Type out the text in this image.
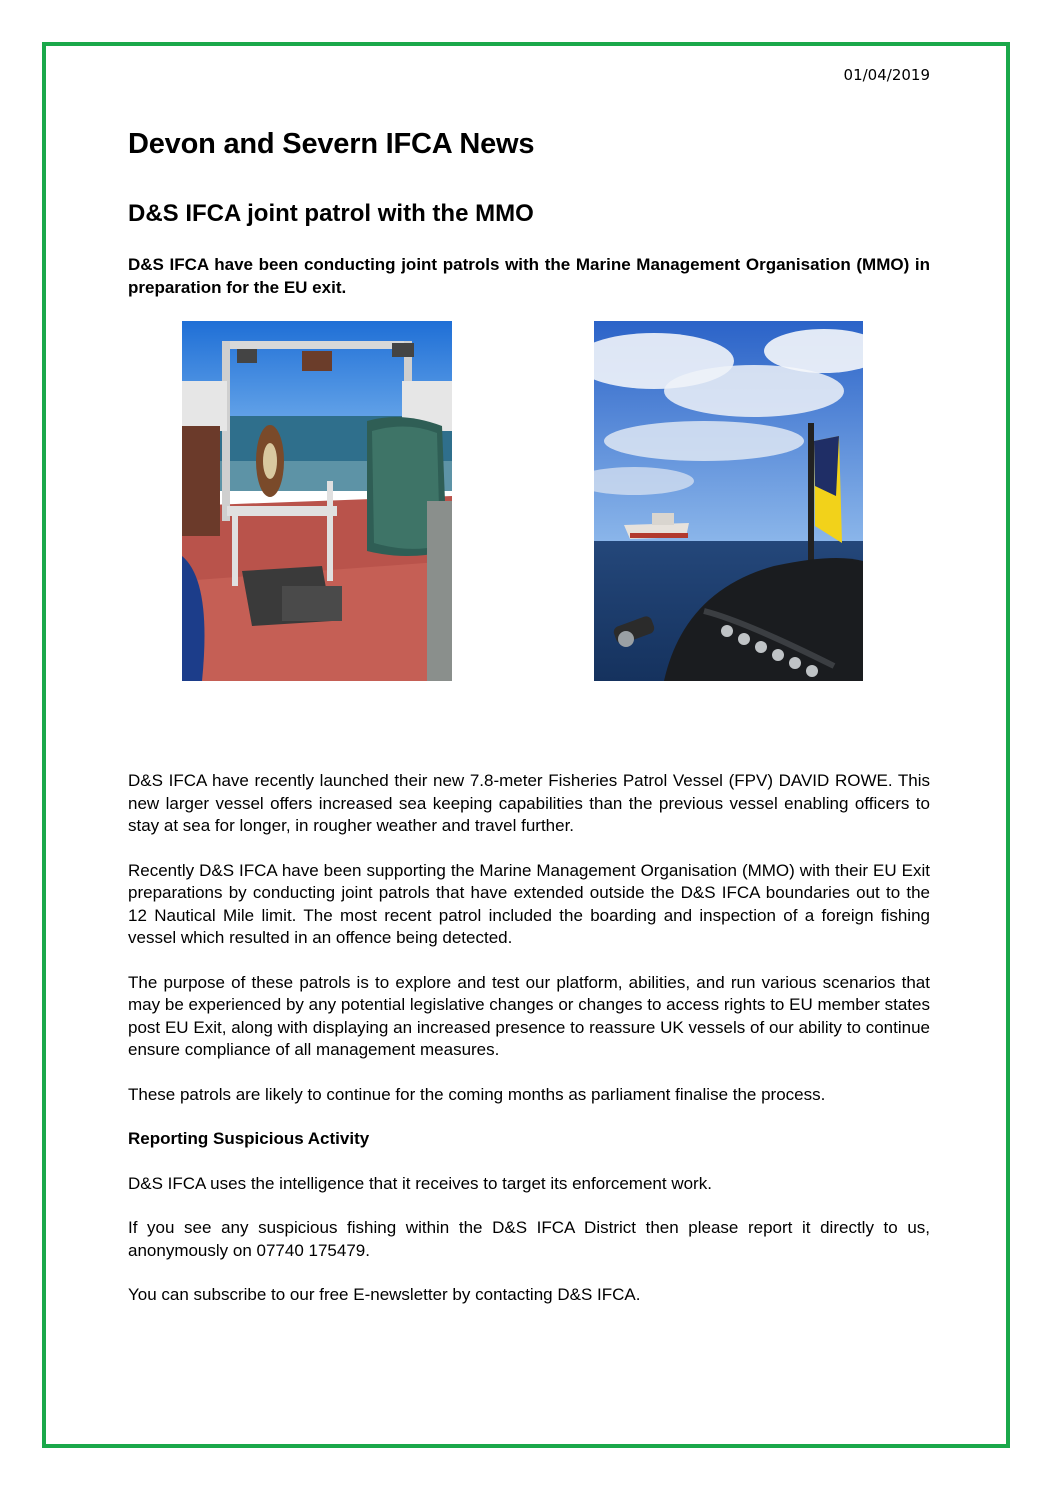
01/04/2019
Devon and Severn IFCA News
D&S IFCA joint patrol with the MMO

D&S IFCA have been conducting joint patrols with the Marine Management Organisation (MMO) in preparation for the EU exit.

D&S IFCA have recently launched their new 7.8-meter Fisheries Patrol Vessel (FPV) DAVID ROWE. This new larger vessel offers increased sea keeping capabilities than the previous vessel enabling officers to stay at sea for longer, in rougher weather and travel further.

Recently D&S IFCA have been supporting the Marine Management Organisation (MMO) with their EU Exit preparations by conducting joint patrols that have extended outside the D&S IFCA boundaries out to the 12 Nautical Mile limit. The most recent patrol included the boarding and inspection of a foreign fishing vessel which resulted in an offence being detected.

The purpose of these patrols is to explore and test our platform, abilities, and run various scenarios that may be experienced by any potential legislative changes or changes to access rights to EU member states post EU Exit, along with displaying an increased presence to reassure UK vessels of our ability to continue ensure compliance of all management measures.

These patrols are likely to continue for the coming months as parliament finalise the process.

Reporting Suspicious Activity

D&S IFCA uses the intelligence that it receives to target its enforcement work.

If you see any suspicious fishing within the D&S IFCA District then please report it directly to us, anonymously on 07740 175479.

You can subscribe to our free E-newsletter by contacting D&S IFCA.
